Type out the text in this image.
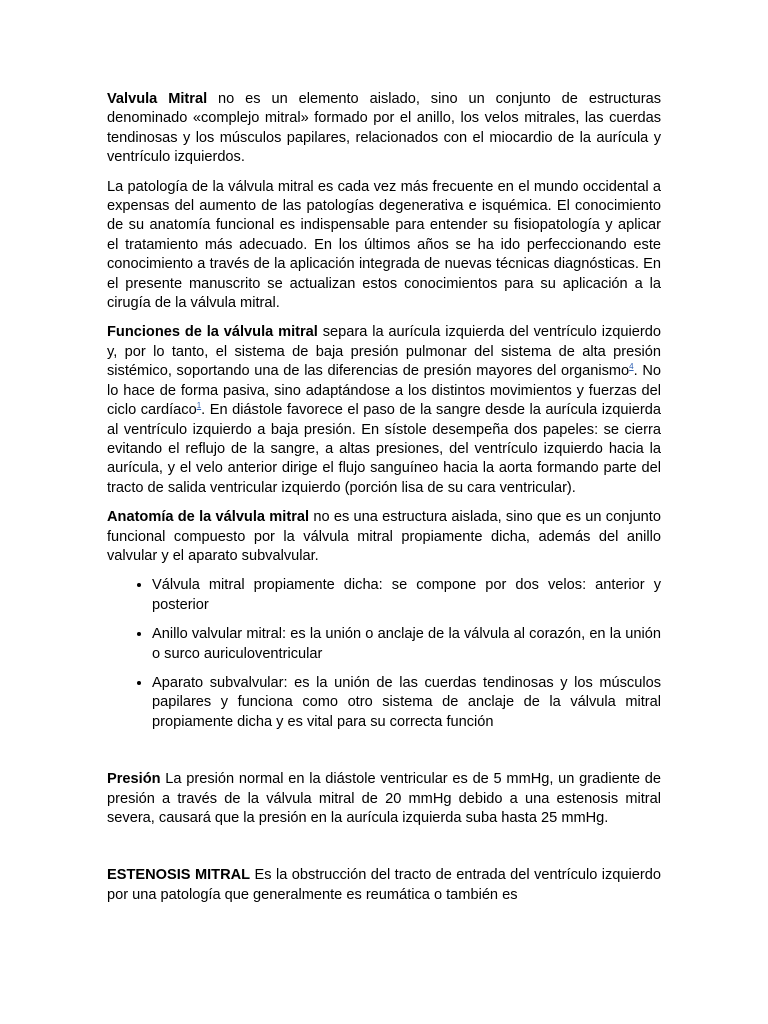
Valvula Mitral no es un elemento aislado, sino un conjunto de estructuras denominado «complejo mitral» formado por el anillo, los velos mitrales, las cuerdas tendinosas y los músculos papilares, relacionados con el miocardio de la aurícula y ventrículo izquierdos.

La patología de la válvula mitral es cada vez más frecuente en el mundo occidental a expensas del aumento de las patologías degenerativa e isquémica. El conocimiento de su anatomía funcional es indispensable para entender su fisiopatología y aplicar el tratamiento más adecuado. En los últimos años se ha ido perfeccionando este conocimiento a través de la aplicación integrada de nuevas técnicas diagnósticas. En el presente manuscrito se actualizan estos conocimientos para su aplicación a la cirugía de la válvula mitral.

Funciones de la válvula mitral separa la aurícula izquierda del ventrículo izquierdo y, por lo tanto, el sistema de baja presión pulmonar del sistema de alta presión sistémico, soportando una de las diferencias de presión mayores del organismo$^4$. No lo hace de forma pasiva, sino adaptándose a los distintos movimientos y fuerzas del ciclo cardíaco$^1$. En diástole favorece el paso de la sangre desde la aurícula izquierda al ventrículo izquierdo a baja presión. En sístole desempeña dos papeles: se cierra evitando el reflujo de la sangre, a altas presiones, del ventrículo izquierdo hacia la aurícula, y el velo anterior dirige el flujo sanguíneo hacia la aorta formando parte del tracto de salida ventricular izquierdo (porción lisa de su cara ventricular).

Anatomía de la válvula mitral no es una estructura aislada, sino que es un conjunto funcional compuesto por la válvula mitral propiamente dicha, además del anillo valvular y el aparato subvalvular.

• Válvula mitral propiamente dicha: se compone por dos velos: anterior y posterior
• Anillo valvular mitral: es la unión o anclaje de la válvula al corazón, en la unión o surco auriculoventricular
• Aparato subvalvular: es la unión de las cuerdas tendinosas y los músculos papilares y funciona como otro sistema de anclaje de la válvula mitral propiamente dicha y es vital para su correcta función

Presión La presión normal en la diástole ventricular es de 5 mmHg, un gradiente de presión a través de la válvula mitral de 20 mmHg debido a una estenosis mitral severa, causará que la presión en la aurícula izquierda suba hasta 25 mmHg.

ESTENOSIS MITRAL Es la obstrucción del tracto de entrada del ventrículo izquierdo por una patología que generalmente es reumática o también es
